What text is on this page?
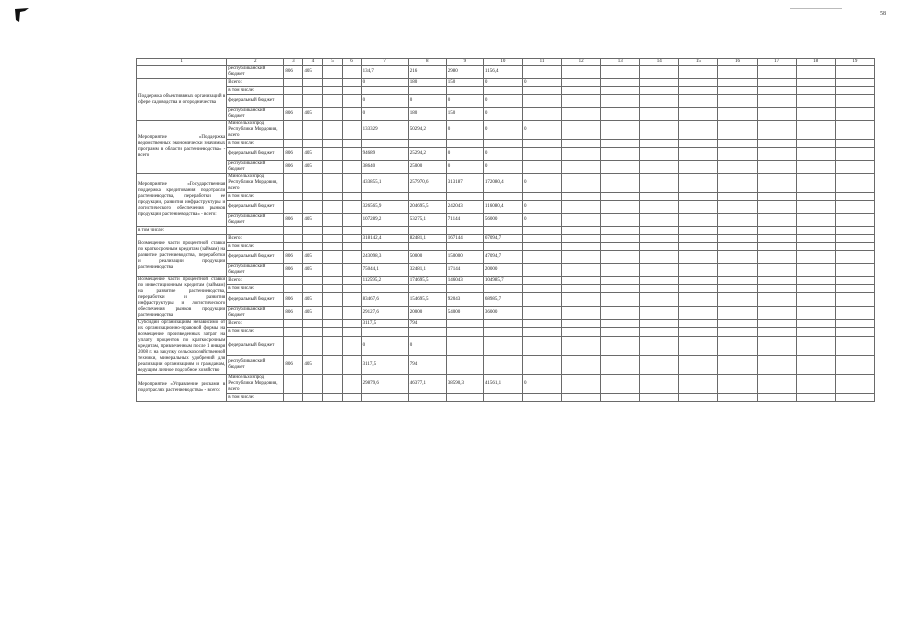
58
1	2	3	4	5	6	7	8	9	10	11	12	13	14	15	16	17	18	19
	республиканский бюджет	806	405			134,7	216	2980	1156,4									
Поддержка объективвных организаций в сфере садоводства и огородничества	Всего:					0	180	150	0	0								
	в том числе:																	
	федеральный бюджет					0	0	0	0									
	республиканский бюджет	806	405			0	180	150	0									
Мероприятие «Поддержка ведомственных экономически значимых программ в области растениеводства» - всего	Минсельхозпрод Республики Мордовия, всего					133329	50294,2	0	0	0								
	в том числе:																	
	федеральный бюджет	806	405			94689	25294,2	0	0									
	республиканский бюджет	806	405			38640	25000	0	0									
Мероприятие «Государственная поддержка кредитования подотрасли растениеводства, переработки ее продукции, развития инфраструктуры и логистического обеспечения рынков продукции растениеводства» - всего:	Минсельхозпрод Республики Мордовия, всего					433855,1	257970,6	313187	172080,4	0								
	в том числе:																	
	федеральный бюджет					326565,9	204695,5	242043	116080,4	0								
	республиканский бюджет	806	405			107289,2	53275,1	71144	56000	0								
в том числе:																		
Возмещение части процентной ставки по краткосрочным кредитам (займам) на развитие растениеводства, переработки и реализации продукции растениеводства	Всего:					318142,4	82481,1	167144	67094,7									
	в том числе:																	
	федеральный бюджет	806	405			243098,3	50000	150000	47094,7									
	республиканский бюджет	806	405			75044,1	32481,1	17144	20000									
Возмещение части процентной ставки по инвестиционным кредитам (займам) на развитие растениеводства, переработки и развития инфраструктуры и логистического обеспечения рынков продукции растениеводства	Всего:					112595,2	174695,5	146043	104985,7									
	в том числе:																	
	федеральный бюджет	806	405			83467,6	154695,5	92043	68985,7									
	республиканский бюджет	806	405			29127,6	20000	54000	36000									
Субсидии организациям независимо от их организационно-правовой формы на возмещение произведенных затрат на уплату процентов по краткосрочным кредитам, привлеченным после 1 января 2008 г. на закупку сельскохозяйственной техники, минеральных удобрений для реализации организациям и гражданам, ведущим личное подсобное хозяйство	Всего:					3117,5	794											
	в том числе:																	
	федеральный бюджет					0	0											
	республиканский бюджет	806	405			3117,5	794											
Мероприятие «Управление рисками в подотраслях растениеводства» - всего:	Минсельхозпрод Республики Мордовия, всего					29879,6	46377,1	38590,3	41561,1	0								
	в том числе:																	
